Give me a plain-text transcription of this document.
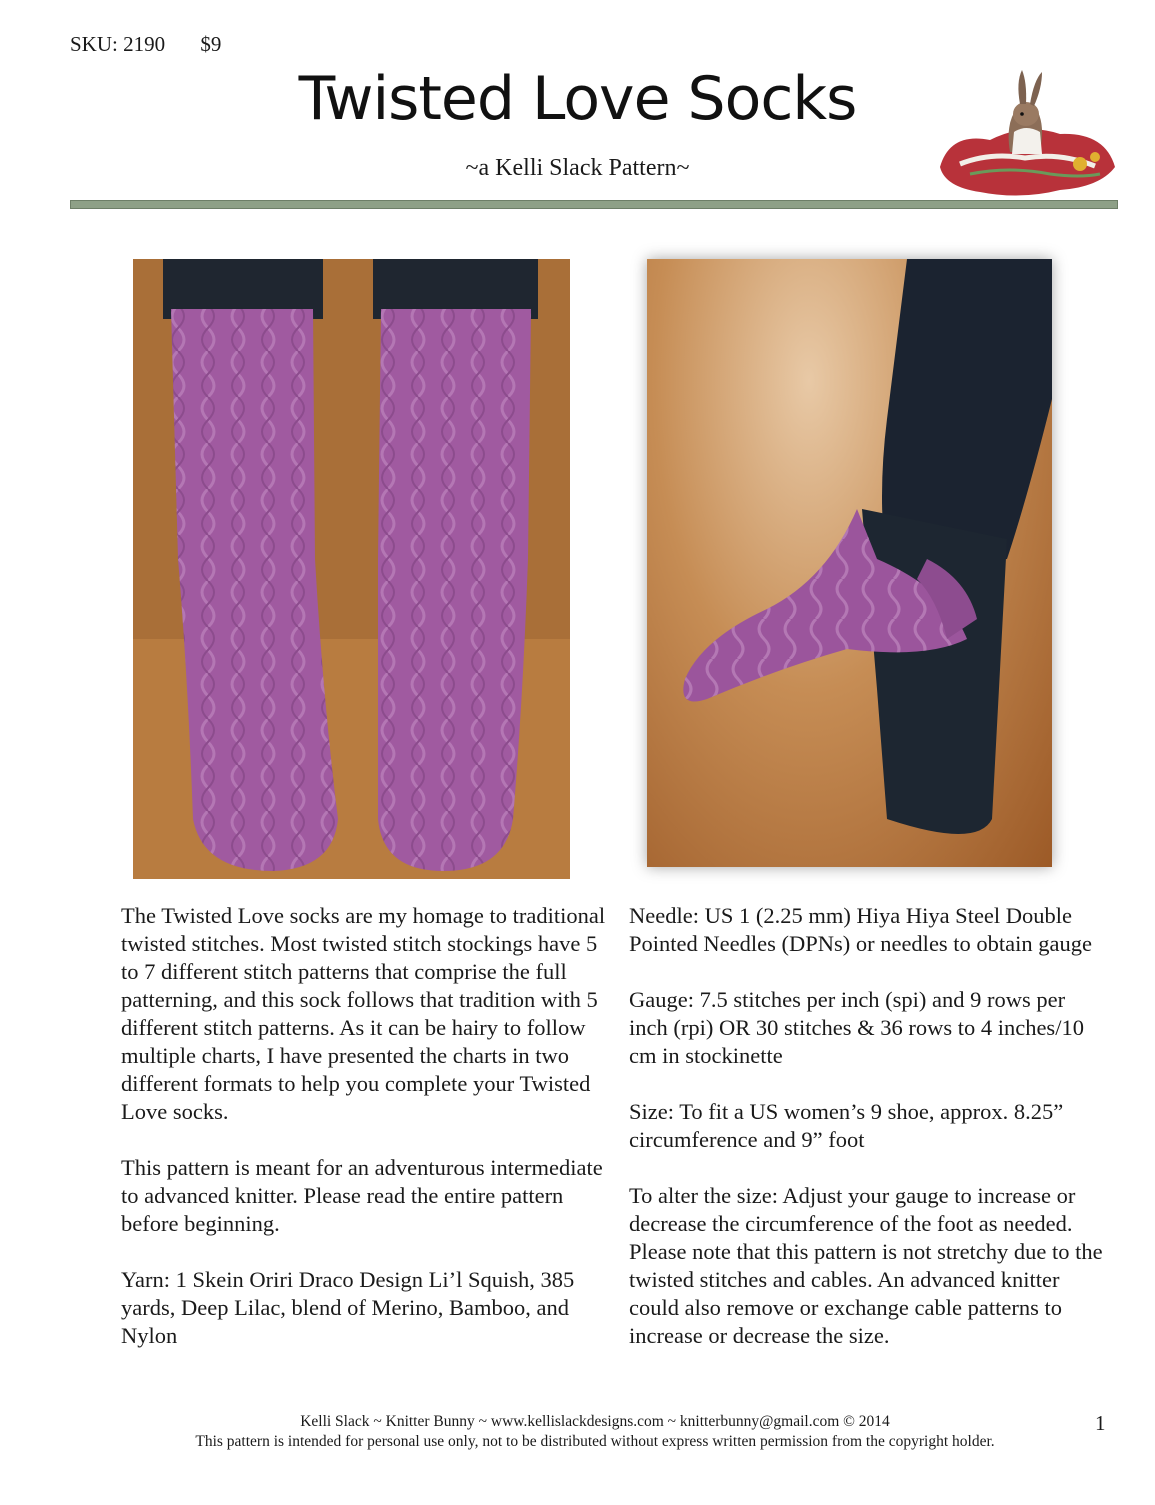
SKU: 2190 $9
Twisted Love Socks
~a Kelli Slack Pattern~

The Twisted Love socks are my homage to traditional twisted stitches. Most twisted stitch stockings have 5 to 7 different stitch patterns that comprise the full patterning, and this sock follows that tradition with 5 different stitch patterns. As it can be hairy to follow multiple charts, I have presented the charts in two different formats to help you complete your Twisted Love socks.

This pattern is meant for an adventurous intermediate to advanced knitter. Please read the entire pattern before beginning.

Yarn: 1 Skein Oriri Draco Design Li’l Squish, 385 yards, Deep Lilac, blend of Merino, Bamboo, and Nylon

Needle: US 1 (2.25 mm) Hiya Hiya Steel Double Pointed Needles (DPNs) or needles to obtain gauge

Gauge: 7.5 stitches per inch (spi) and 9 rows per inch (rpi) OR 30 stitches & 36 rows to 4 inches/10 cm in stockinette

Size: To fit a US women’s 9 shoe, approx. 8.25” circumference and 9” foot

To alter the size: Adjust your gauge to increase or decrease the circumference of the foot as needed. Please note that this pattern is not stretchy due to the twisted stitches and cables. An advanced knitter could also remove or exchange cable patterns to increase or decrease the size.

Kelli Slack ~ Knitter Bunny ~ www.kellislackdesigns.com ~ knitterbunny@gmail.com © 2014
This pattern is intended for personal use only, not to be distributed without express written permission from the copyright holder.
1
